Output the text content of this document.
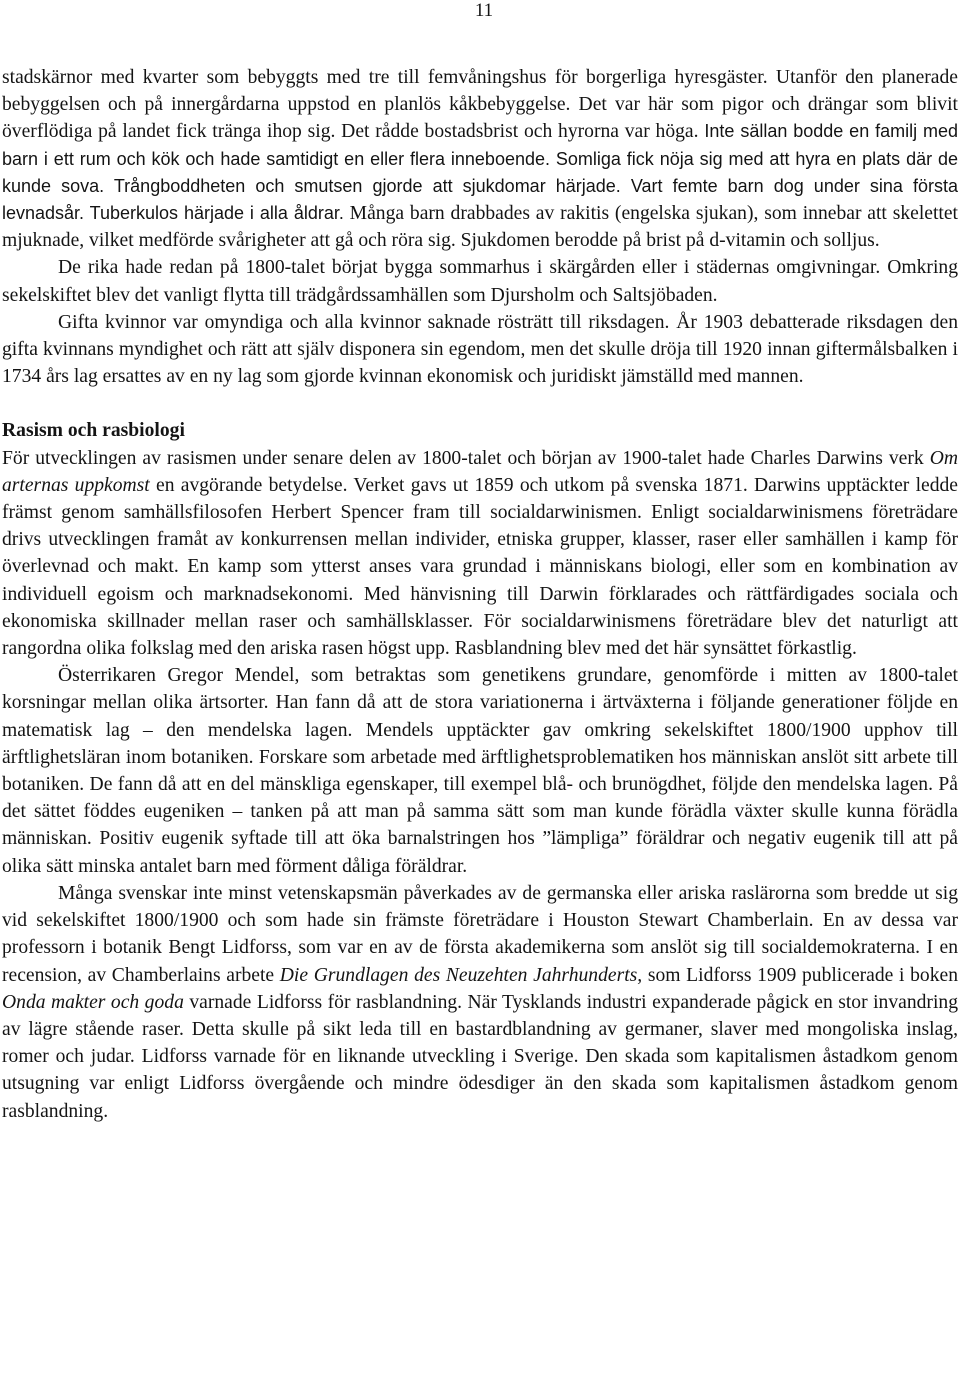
11

stadskärnor med kvarter som bebyggts med tre till femvåningshus för borgerliga hyresgäster. Utanför den planerade bebyggelsen och på innergårdarna uppstod en planlös kåkbebyggelse. Det var här som pigor och drängar som blivit överflödiga på landet fick tränga ihop sig. Det rådde bostadsbrist och hyrorna var höga. Inte sällan bodde en familj med barn i ett rum och kök och hade samtidigt en eller flera inneboende. Somliga fick nöja sig med att hyra en plats där de kunde sova. Trångboddheten och smutsen gjorde att sjukdomar härjade. Vart femte barn dog under sina första levnadsår. Tuberkulos härjade i alla åldrar. Många barn drabbades av rakitis (engelska sjukan), som innebar att skelettet mjuknade, vilket medförde svårigheter att gå och röra sig. Sjukdomen berodde på brist på d-vitamin och solljus.

De rika hade redan på 1800-talet börjat bygga sommarhus i skärgården eller i städernas omgivningar. Omkring sekelskiftet blev det vanligt flytta till trädgårdssamhällen som Djursholm och Saltsjöbaden.

Gifta kvinnor var omyndiga och alla kvinnor saknade rösträtt till riksdagen. År 1903 debatterade riksdagen den gifta kvinnans myndighet och rätt att själv disponera sin egendom, men det skulle dröja till 1920 innan giftermålsbalken i 1734 års lag ersattes av en ny lag som gjorde kvinnan ekonomisk och juridiskt jämställd med mannen.

Rasism och rasbiologi

För utvecklingen av rasismen under senare delen av 1800-talet och början av 1900-talet hade Charles Darwins verk Om arternas uppkomst en avgörande betydelse. Verket gavs ut 1859 och utkom på svenska 1871. Darwins upptäckter ledde främst genom samhällsfilosofen Herbert Spencer fram till socialdarwinismen. Enligt socialdarwinismens företrädare drivs utvecklingen framåt av konkurrensen mellan individer, etniska grupper, klasser, raser eller samhällen i kamp för överlevnad och makt. En kamp som ytterst anses vara grundad i människans biologi, eller som en kombination av individuell egoism och marknadsekonomi. Med hänvisning till Darwin förklarades och rättfärdigades sociala och ekonomiska skillnader mellan raser och samhällsklasser. För socialdarwinismens företrädare blev det naturligt att rangordna olika folkslag med den ariska rasen högst upp. Rasblandning blev med det här synsättet förkastlig.

Österrikaren Gregor Mendel, som betraktas som genetikens grundare, genomförde i mitten av 1800-talet korsningar mellan olika ärtsorter. Han fann då att de stora variationerna i ärtväxterna i följande generationer följde en matematisk lag – den mendelska lagen. Mendels upptäckter gav omkring sekelskiftet 1800/1900 upphov till ärftlighetsläran inom botaniken. Forskare som arbetade med ärftlighetsproblematiken hos människan anslöt sitt arbete till botaniken. De fann då att en del mänskliga egenskaper, till exempel blå- och brunögdhet, följde den mendelska lagen. På det sättet föddes eugeniken – tanken på att man på samma sätt som man kunde förädla växter skulle kunna förädla människan. Positiv eugenik syftade till att öka barnalstringen hos ”lämpliga” föräldrar och negativ eugenik till att på olika sätt minska antalet barn med förment dåliga föräldrar.

Många svenskar inte minst vetenskapsmän påverkades av de germanska eller ariska raslärorna som bredde ut sig vid sekelskiftet 1800/1900 och som hade sin främste företrädare i Houston Stewart Chamberlain. En av dessa var professorn i botanik Bengt Lidforss, som var en av de första akademikerna som anslöt sig till socialdemokraterna. I en recension, av Chamberlains arbete Die Grundlagen des Neuzehten Jahrhunderts, som Lidforss 1909 publicerade i boken Onda makter och goda varnade Lidforss för rasblandning. När Tysklands industri expanderade pågick en stor invandring av lägre stående raser. Detta skulle på sikt leda till en bastardblandning av germaner, slaver med mongoliska inslag, romer och judar. Lidforss varnade för en liknande utveckling i Sverige. Den skada som kapitalismen åstadkom genom utsugning var enligt Lidforss övergående och mindre ödesdiger än den skada som kapitalismen åstadkom genom rasblandning.
